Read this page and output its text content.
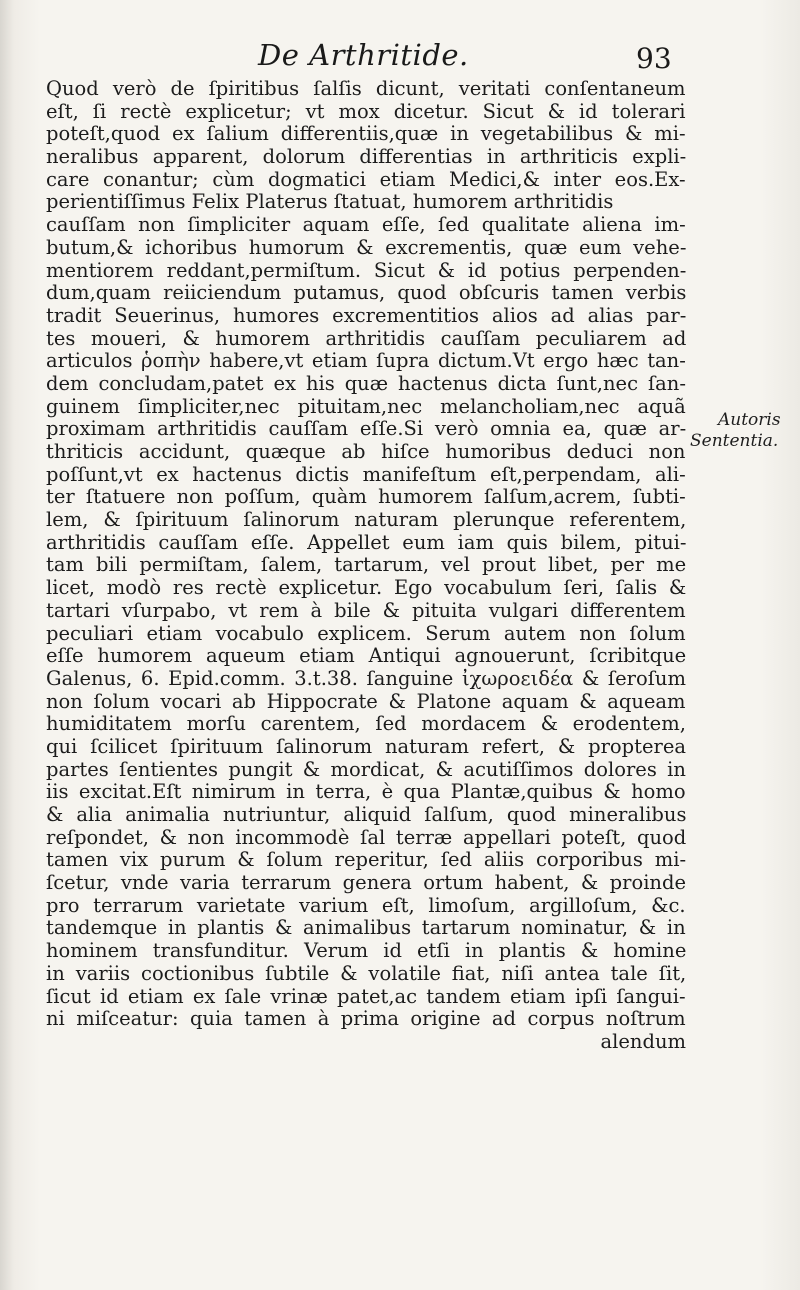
De Arthritide.	93
Quod verò de ſpiritibus ſalſis dicunt, veritati conſentaneum
eſt, ſi rectè explicetur; vt mox dicetur. Sicut & id tolerari
poteſt,quod ex ſalium differentiis,quæ in vegetabilibus & mi-
neralibus apparent, dolorum differentias in arthriticis expli-
care conantur; cùm dogmatici etiam Medici,& inter eos.Ex-
perientiſſimus Felix Platerus ſtatuat, humorem arthritidis
cauſſam non ſimpliciter aquam eſſe, ſed qualitate aliena im-
butum,& ichoribus humorum & excrementis, quæ eum vehe-
mentiorem reddant,permiſtum. Sicut & id potius perpenden-
dum,quam reiiciendum putamus, quod obſcuris tamen verbis
tradit Seuerinus, humores excrementitios alios ad alias par-
tes moueri, & humorem arthritidis cauſſam peculiarem ad
articulos ῥοπὴν habere,vt etiam ſupra dictum.Vt ergo hæc tan-
dem concludam,patet ex his quæ hactenus dicta ſunt,nec ſan-
guinem ſimpliciter,nec pituitam,nec melancholiam,nec aquã
proximam arthritidis cauſſam eſſe.Si verò omnia ea, quæ ar-
thriticis accidunt, quæque ab hiſce humoribus deduci non
poſſunt,vt ex hactenus dictis manifeſtum eſt,perpendam, ali-
ter ſtatuere non poſſum, quàm humorem ſalſum,acrem, ſubti-
lem, & ſpirituum ſalinorum naturam plerunque referentem,
arthritidis cauſſam eſſe. Appellet eum iam quis bilem, pitui-
tam bili permiſtam, ſalem, tartarum, vel prout libet, per me
licet, modò res rectè explicetur. Ego vocabulum ſeri, ſalis &
tartari vſurpabo, vt rem à bile & pituita vulgari differentem
peculiari etiam vocabulo explicem. Serum autem non ſolum
eſſe humorem aqueum etiam Antiqui agnouerunt, ſcribitque
Galenus, 6. Epid.comm. 3.t.38. ſanguine ἰχωροειδέα & ſeroſum
non ſolum vocari ab Hippocrate & Platone aquam & aqueam
humiditatem morſu carentem, ſed mordacem & erodentem,
qui ſcilicet ſpirituum ſalinorum naturam refert, & propterea
partes ſentientes pungit & mordicat, & acutiſſimos dolores in
iis excitat.Eſt nimirum in terra, è qua Plantæ,quibus & homo
& alia animalia nutriuntur, aliquid ſalſum, quod mineralibus
reſpondet, & non incommodè ſal terræ appellari poteſt, quod
tamen vix purum & ſolum reperitur, ſed aliis corporibus mi-
ſcetur, vnde varia terrarum genera ortum habent, & proinde
pro terrarum varietate varium eſt, limoſum, argilloſum, &c.
tandemque in plantis & animalibus tartarum nominatur, & in
hominem transfunditur. Verum id etſi in plantis & homine
in variis coctionibus ſubtile & volatile fiat, niſi antea tale ſit,
ſicut id etiam ex ſale vrinæ patet,ac tandem etiam ipſi ſangui-
ni miſceatur: quia tamen à prima origine ad corpus noſtrum
alendum
Autoris
Sententia.
